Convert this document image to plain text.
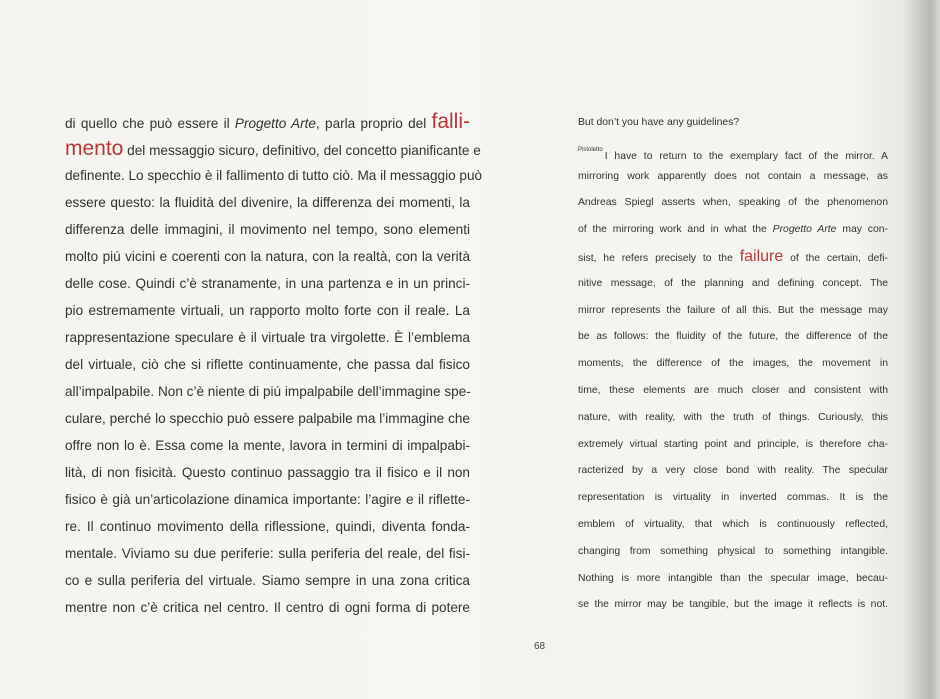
di quello che può essere il Progetto Arte, parla proprio del falli-
mento del messaggio sicuro, definitivo, del concetto pianificante e
definente. Lo specchio è il fallimento di tutto ciò. Ma il messaggio può
essere questo: la fluidità del divenire, la differenza dei momenti, la
differenza delle immagini, il movimento nel tempo, sono elementi
molto piú vicini e coerenti con la natura, con la realtà, con la verità
delle cose. Quindi c’è stranamente, in una partenza e in un princi-
pio estremamente virtuali, un rapporto molto forte con il reale. La
rappresentazione speculare è il virtuale tra virgolette. È l’emblema
del virtuale, ciò che si riflette continuamente, che passa dal fisico
all’impalpabile. Non c’è niente di piú impalpabile dell’immagine spe-
culare, perché lo specchio può essere palpabile ma l’immagine che
offre non lo è. Essa come la mente, lavora in termini di impalpabi-
lità, di non fisicità. Questo continuo passaggio tra il fisico e il non
fisico è già un’articolazione dinamica importante: l’agire e il riflette-
re. Il continuo movimento della riflessione, quindi, diventa fonda-
mentale. Viviamo su due periferie: sulla periferia del reale, del fisi-
co e sulla periferia del virtuale. Siamo sempre in una zona critica
mentre non c’è critica nel centro. Il centro di ogni forma di potere
But don’t you have any guidelines?
$^{Pistoletto}$I have to return to the exemplary fact of the mirror. A
mirroring work apparently does not contain a message, as
Andreas Spiegl asserts when, speaking of the phenomenon
of the mirroring work and in what the Progetto Arte may con-
sist, he refers precisely to the failure of the certain, defi-
nitive message, of the planning and defining concept. The
mirror represents the failure of all this. But the message may
be as follows: the fluidity of the future, the difference of the
moments, the difference of the images, the movement in
time, these elements are much closer and consistent with
nature, with reality, with the truth of things. Curiously, this
extremely virtual starting point and principle, is therefore cha-
racterized by a very close bond with reality. The specular
representation is virtuality in inverted commas. It is the
emblem of virtuality, that which is continuously reflected,
changing from something physical to something intangible.
Nothing is more intangible than the specular image, becau-
se the mirror may be tangible, but the image it reflects is not.
68
